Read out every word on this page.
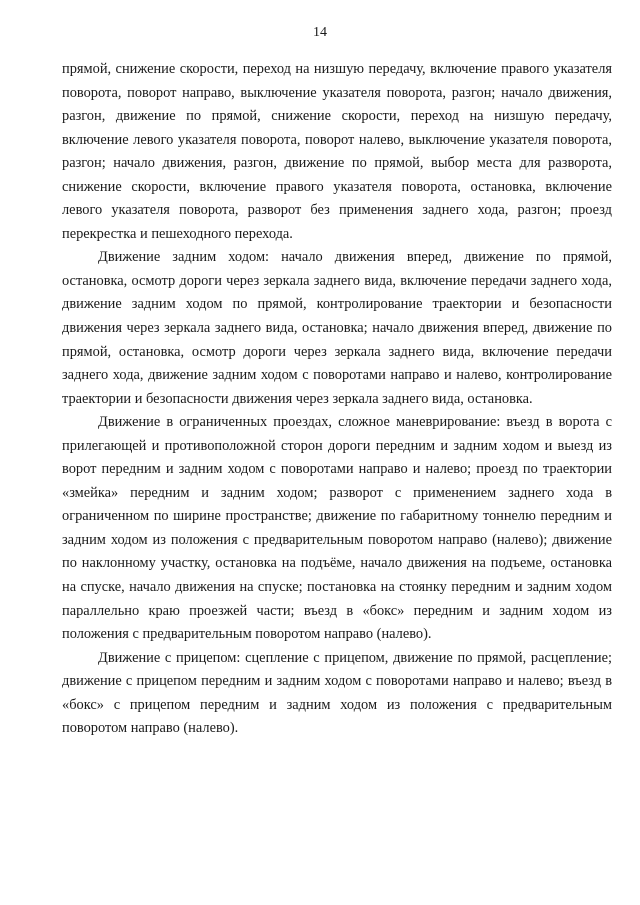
14

прямой, снижение скорости, переход на низшую передачу, включение правого указателя поворота, поворот направо, выключение указателя поворота, разгон; начало движения, разгон, движение по прямой, снижение скорости, переход на низшую передачу, включение левого указателя поворота, поворот налево, выключение указателя поворота, разгон; начало движения, разгон, движение по прямой, выбор места для разворота, снижение скорости, включение правого указателя поворота, остановка, включение левого указателя поворота, разворот без применения заднего хода, разгон; проезд перекрестка и пешеходного перехода.

Движение задним ходом: начало движения вперед, движение по прямой, остановка, осмотр дороги через зеркала заднего вида, включение передачи заднего хода, движение задним ходом по прямой, контролирование траектории и безопасности движения через зеркала заднего вида, остановка; начало движения вперед, движение по прямой, остановка, осмотр дороги через зеркала заднего вида, включение передачи заднего хода, движение задним ходом с поворотами направо и налево, контролирование траектории и безопасности движения через зеркала заднего вида, остановка.

Движение в ограниченных проездах, сложное маневрирование: въезд в ворота с прилегающей и противоположной сторон дороги передним и задним ходом и выезд из ворот передним и задним ходом с поворотами направо и налево; проезд по траектории «змейка» передним и задним ходом; разворот с применением заднего хода в ограниченном по ширине пространстве; движение по габаритному тоннелю передним и задним ходом из положения с предварительным поворотом направо (налево); движение по наклонному участку, остановка на подъёме, начало движения на подъеме, остановка на спуске, начало движения на спуске; постановка на стоянку передним и задним ходом параллельно краю проезжей части; въезд в «бокс» передним и задним ходом из положения с предварительным поворотом направо (налево).

Движение с прицепом: сцепление с прицепом, движение по прямой, расцепление; движение с прицепом передним и задним ходом с поворотами направо и налево; въезд в «бокс» с прицепом передним и задним ходом из положения с предварительным поворотом направо (налево).
